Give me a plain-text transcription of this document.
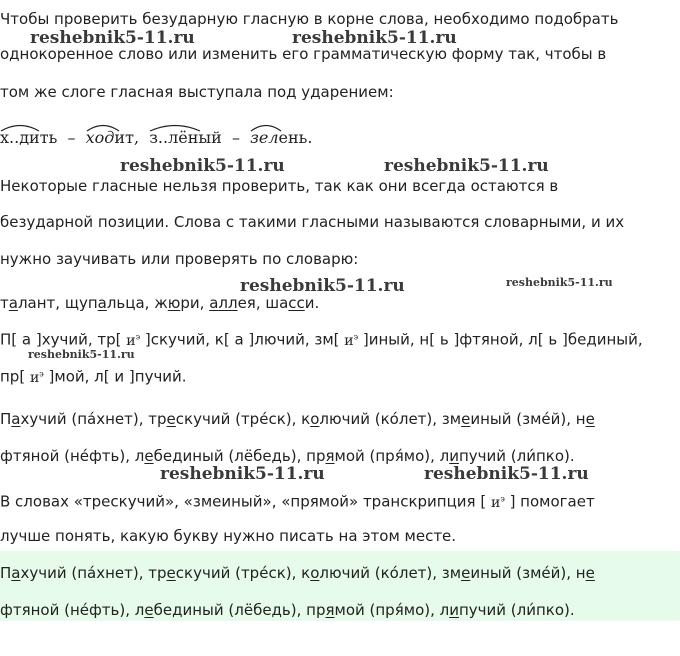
Чтобы проверить безударную гласную в корне слова, необходимо подобрать
однокоренное слово или изменить его грамматическую форму так, чтобы в
том же слоге гласная выступала под ударением:
х..дить – ходит, з..лёный – зелень.
Некоторые гласные нельзя проверить, так как они всегда остаются в
безударной позиции. Слова с такими гласными называются словарными, и их
нужно заучивать или проверять по словарю:
талант, щупальца, жюри, аллея, шасси.
П[ а ]хучий, тр[ $и^э$ ]скучий, к[ а ]лючий, зм[ $и^э$ ]иный, н[ ь ]фтяной, л[ ь ]бединый,
пр[ $и^э$ ]мой, л[ и ]пучий.
Пахучий (пáхнет), трескучий (тре́ск), колючий (ко́лет), змеиный (зме́й), не
фтяной (не́фть), лебединый (лёбедь), прямой (пря́мо), липучий (ли́пко).
В словах «трескучий», «змеиный», «прямой» транскрипция [ $и^э$ ] помогает
лучше понять, какую букву нужно писать на этом месте.
Пахучий (пáхнет), трескучий (тре́ск), колючий (ко́лет), змеиный (зме́й), не
фтяной (не́фть), лебединый (лёбедь), прямой (пря́мо), липучий (ли́пко).
reshebnik5-11.ru	reshebnik5-11.ru
reshebnik5-11.ru	reshebnik5-11.ru
reshebnik5-11.ru	reshebnik5-11.ru
reshebnik5-11.ru
reshebnik5-11.ru	reshebnik5-11.ru
